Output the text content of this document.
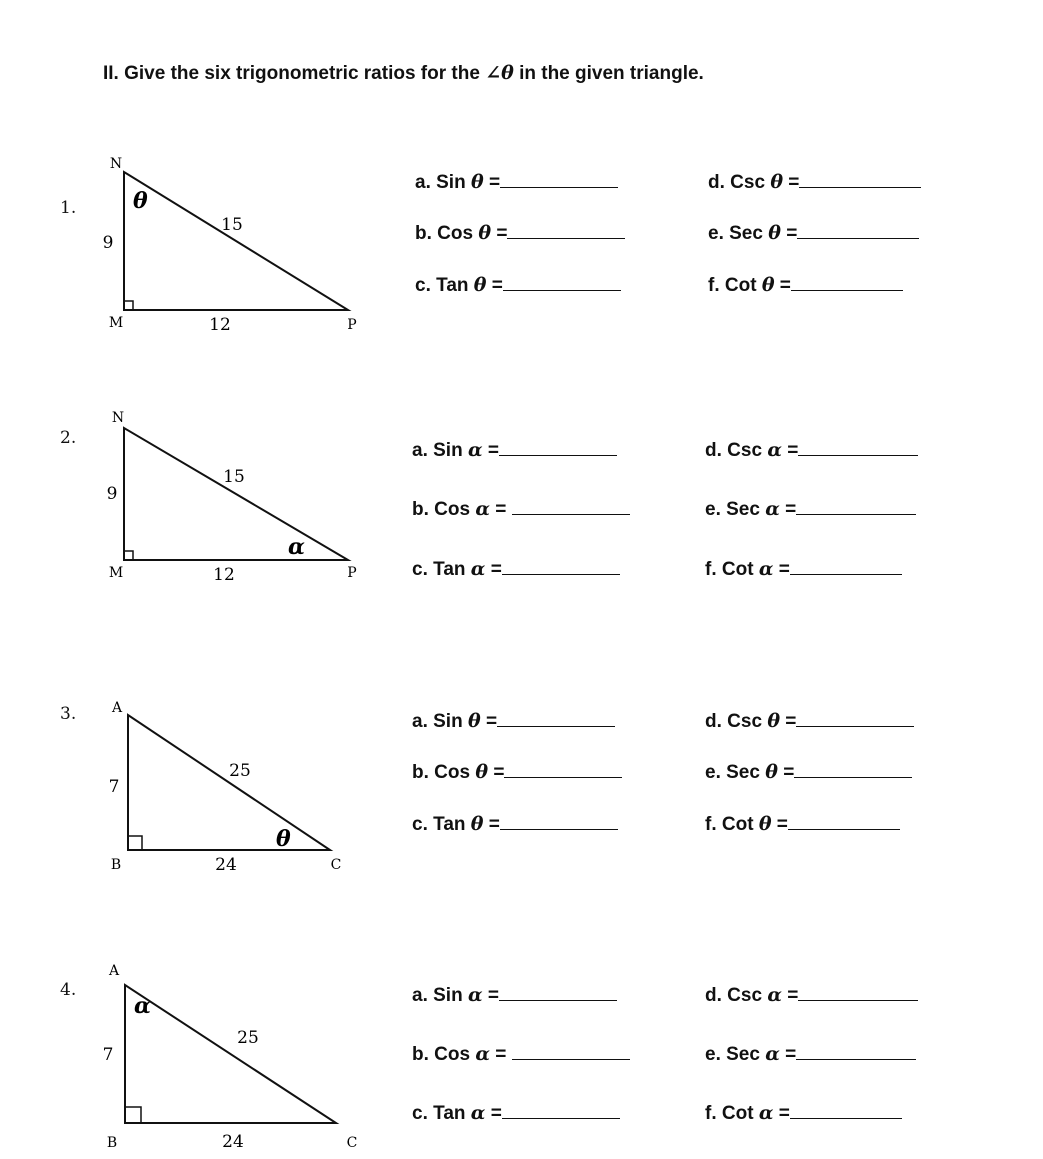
II. Give the six trigonometric ratios for the ∠θ in the given triangle.
1.
N
M	P
9
15
12
θ
a. Sin θ =
b. Cos θ =
c. Tan θ =
d. Csc θ =
e. Sec θ =
f. Cot θ =
2.
N
M	P
9
15
12
α
a. Sin α =
b. Cos α =
c. Tan α =
d. Csc α =
e. Sec α =
f. Cot α =
3.	A
B	C
7
25
24
θ
a. Sin θ =
b. Cos θ =
c. Tan θ =
d. Csc θ =
e. Sec θ =
f. Cot θ =
4.
A
B	C
7
25
24
α	a. Sin α =
b. Cos α =
c. Tan α =
d. Csc α =
e. Sec α =
f. Cot α =
